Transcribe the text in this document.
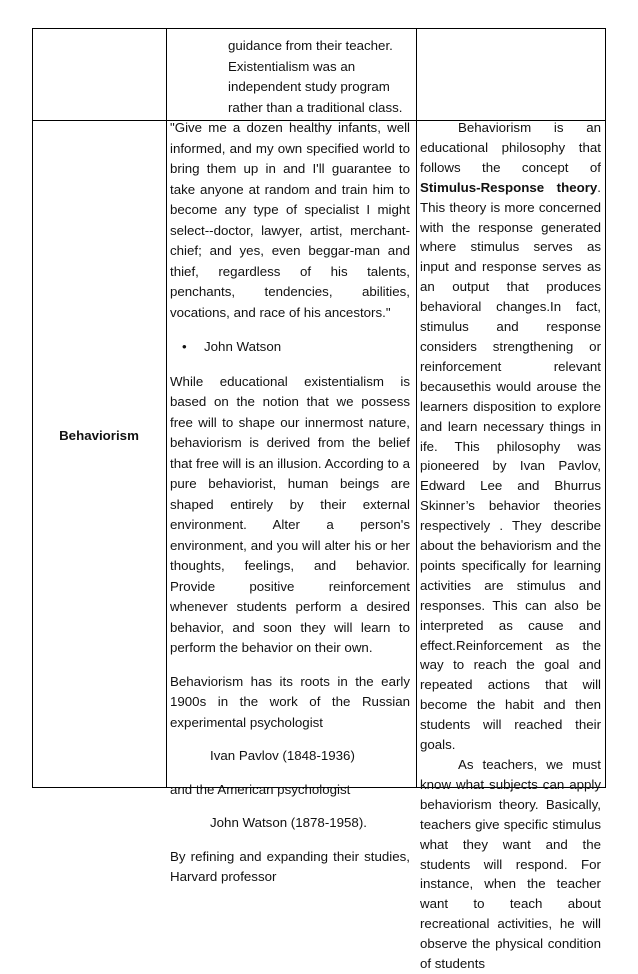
guidance from their teacher.

Existentialism was an

independent study program

rather than a traditional class.

Behaviorism

"Give me a dozen healthy infants, well informed, and my own specified world to bring them up in and I'll guarantee to take anyone at random and train him to become any type of specialist I might select--doctor, lawyer, artist, merchant-chief; and yes, even beggar-man and thief, regardless of his talents, penchants, tendencies, abilities, vocations, and race of his ancestors."

• John Watson

While educational existentialism is based on the notion that we possess free will to shape our innermost nature, behaviorism is derived from the belief that free will is an illusion. According to a pure behaviorist, human beings are shaped entirely by their external environment. Alter a person's environment, and you will alter his or her thoughts, feelings, and behavior. Provide positive reinforcement whenever students perform a desired behavior, and soon they will learn to perform the behavior on their own.

Behaviorism has its roots in the early 1900s in the work of the Russian experimental psychologist

Ivan Pavlov (1848-1936)

and the American psychologist

John Watson (1878-1958).

By refining and expanding their studies, Harvard professor

Behaviorism is an educational philosophy that follows the concept of Stimulus-Response theory. This theory is more concerned with the response generated where stimulus serves as input and response serves as an output that produces behavioral changes.In fact, stimulus and response considers strengthening or reinforcement relevant becausethis would arouse the learners disposition to explore and learn necessary things in ife. This philosophy was pioneered by Ivan Pavlov, Edward Lee and Bhurrus Skinner’s behavior theories respectively . They describe about the behaviorism and the points specifically for learning activities are stimulus and responses. This can also be interpreted as cause and effect.Reinforcement as the way to reach the goal and repeated actions that will become the habit and then students will reached their goals.

As teachers, we must know what subjects can apply behaviorism theory. Basically, teachers give specific stimulus what they want and the students will respond. For instance, when the teacher want to teach about recreational activities, he will observe the physical condition of students
